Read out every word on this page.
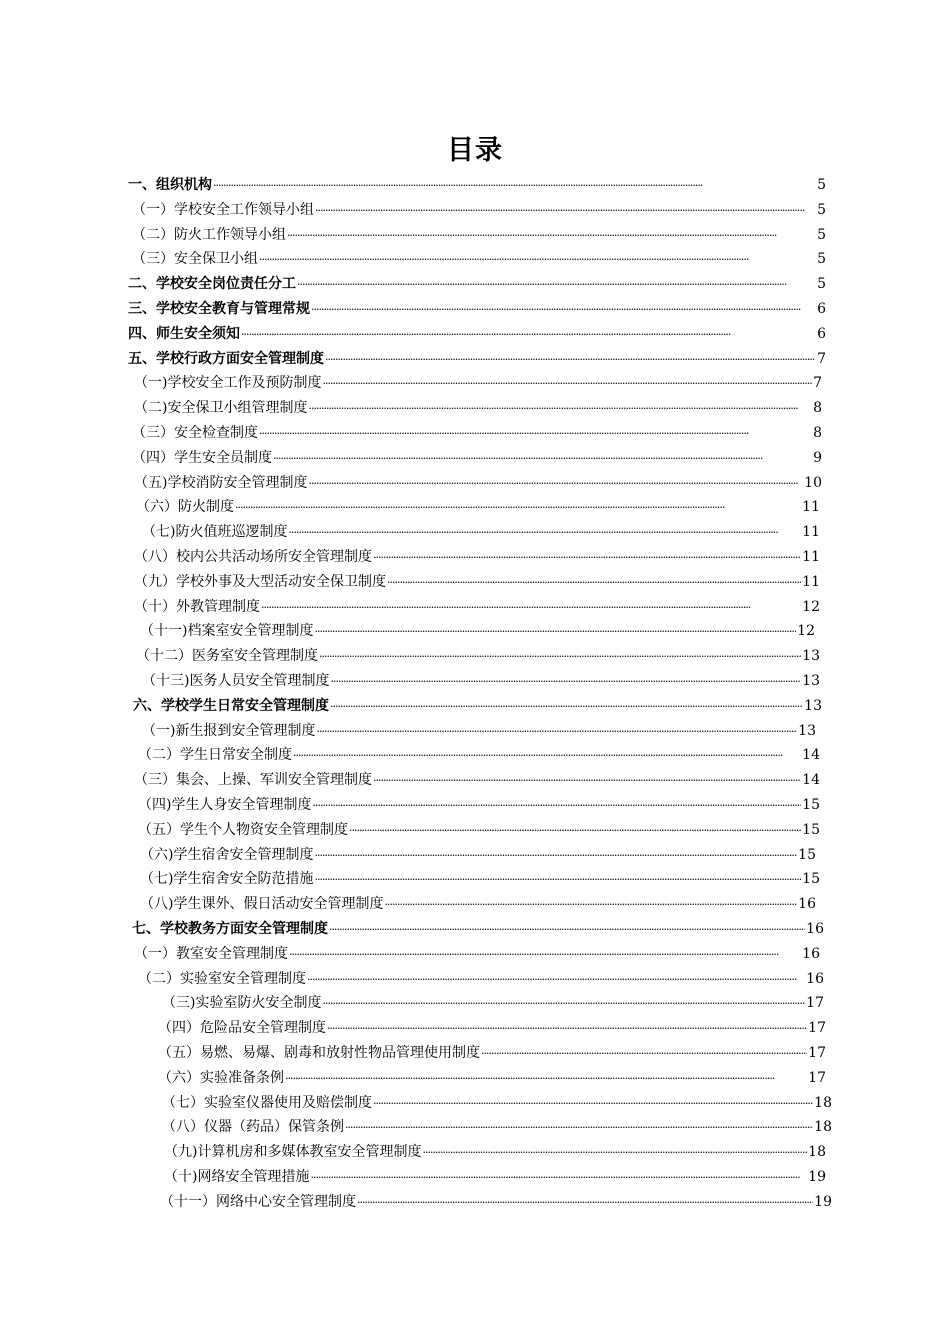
目录
一、组织机构 ·····	5
（一）学校安全工作领导小组 ·····	5
（二）防火工作领导小组 ·····	5
（三）安全保卫小组 ·····	5
二、学校安全岗位责任分工 ·····	5
三、学校安全教育与管理常规 ·····	6
四、师生安全须知 ·····	6
五、学校行政方面安全管理制度 ·····	7
（一)学校安全工作及预防制度 ·····	7
（二)安全保卫小组管理制度 ·····	8
（三）安全检查制度 ·····	8
（四）学生安全员制度 ·····	9
（五)学校消防安全管理制度 ·····	10
（六）防火制度 ·····	11
（七)防火值班巡逻制度 ·····	11
（八）校内公共活动场所安全管理制度 ·····	11
（九）学校外事及大型活动安全保卫制度 ·····	11
（十）外教管理制度 ·····	12
（十一)档案室安全管理制度 ·····	12
（十二）医务室安全管理制度 ·····	13
（十三)医务人员安全管理制度 ·····	13
六、学校学生日常安全管理制度 ·····	13
（一)新生报到安全管理制度 ·····	13
（二）学生日常安全制度 ·····	14
（三）集会、上操、军训安全管理制度 ·····	14
（四)学生人身安全管理制度 ·····	15
（五）学生个人物资安全管理制度 ·····	15
（六)学生宿舍安全管理制度 ·····	15
（七)学生宿舍安全防范措施 ·····	15
（八)学生课外、假日活动安全管理制度 ·····	16
七、学校教务方面安全管理制度 ·····	16
（一）教室安全管理制度 ·····	16
（二）实验室安全管理制度 ·····	16
（三)实验室防火安全制度 ·····	17
（四）危险品安全管理制度 ·····	17
（五）易燃、易爆、剧毒和放射性物品管理使用制度 ·····	17
（六）实验准备条例 ·····	17
（七）实验室仪器使用及赔偿制度 ·····	18
（八）仪器（药品）保管条例 ·····	18
（九)计算机房和多媒体教室安全管理制度 ·····	18
（十)网络安全管理措施 ·····	19
（十一）网络中心安全管理制度 ·····	19
